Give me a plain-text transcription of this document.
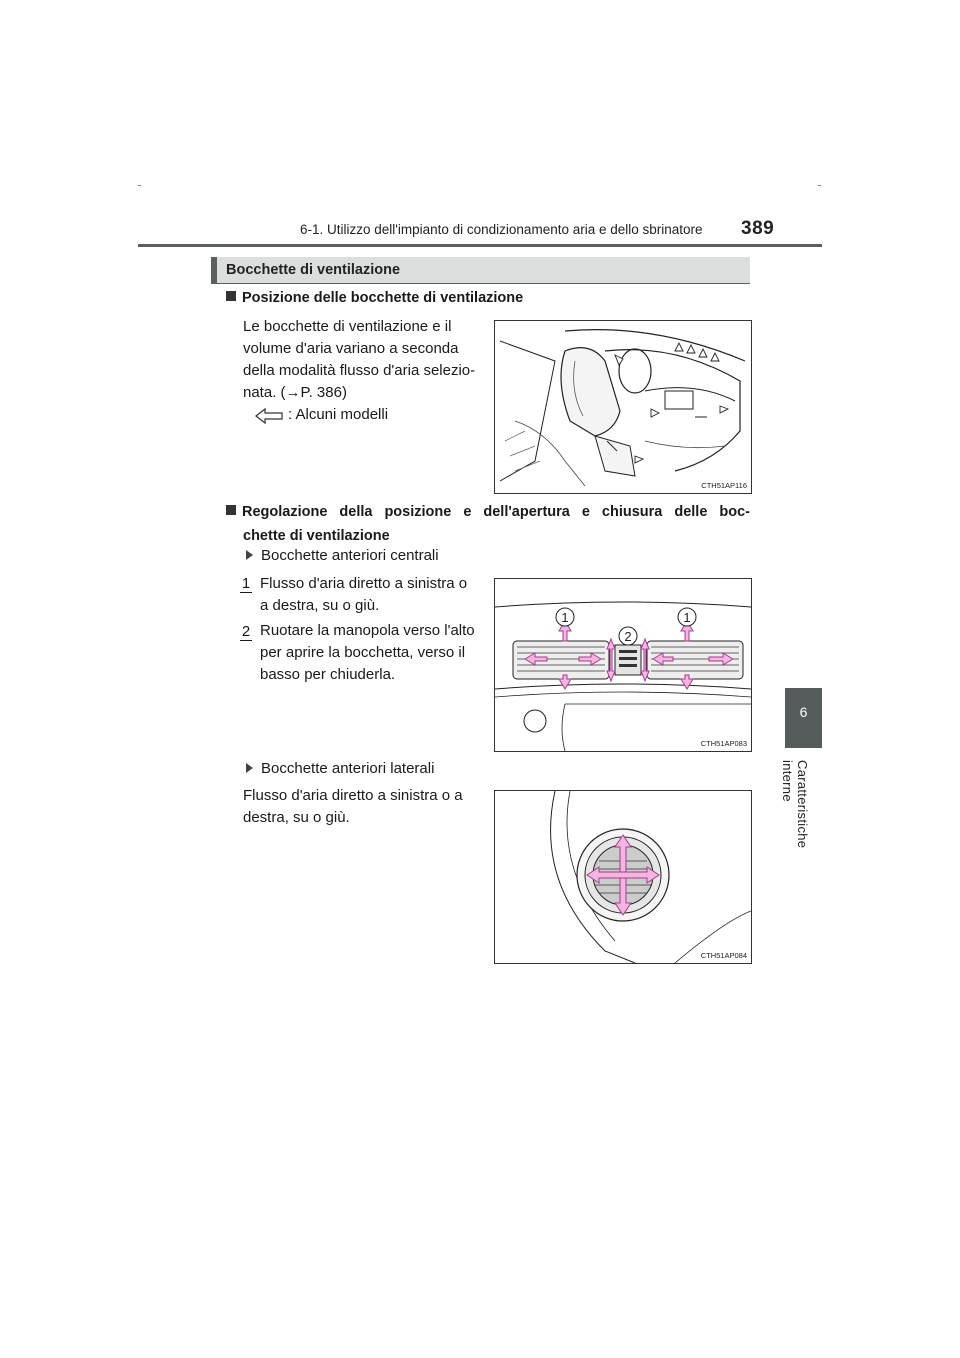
6-1. Utilizzo dell'impianto di condizionamento aria e dello sbrinatore 389
6
Caratteristiche interne
Bocchette di ventilazione
Posizione delle bocchette di ventilazione
Le bocchette di ventilazione e il
volume d'aria variano a seconda
della modalità flusso d'aria selezio-
nata. (→P. 386)
: Alcuni modelli
CTH51AP116
Regolazione della posizione e dell'apertura e chiusura delle boc-
chette di ventilazione
Bocchette anteriori centrali
1 Flusso d'aria diretto a sinistra o
a destra, su o giù.
2 Ruotare la manopola verso l'alto
per aprire la bocchetta, verso il
basso per chiuderla.
1	1
2
CTH51AP083
Bocchette anteriori laterali
Flusso d'aria diretto a sinistra o a
destra, su o giù.
CTH51AP084
